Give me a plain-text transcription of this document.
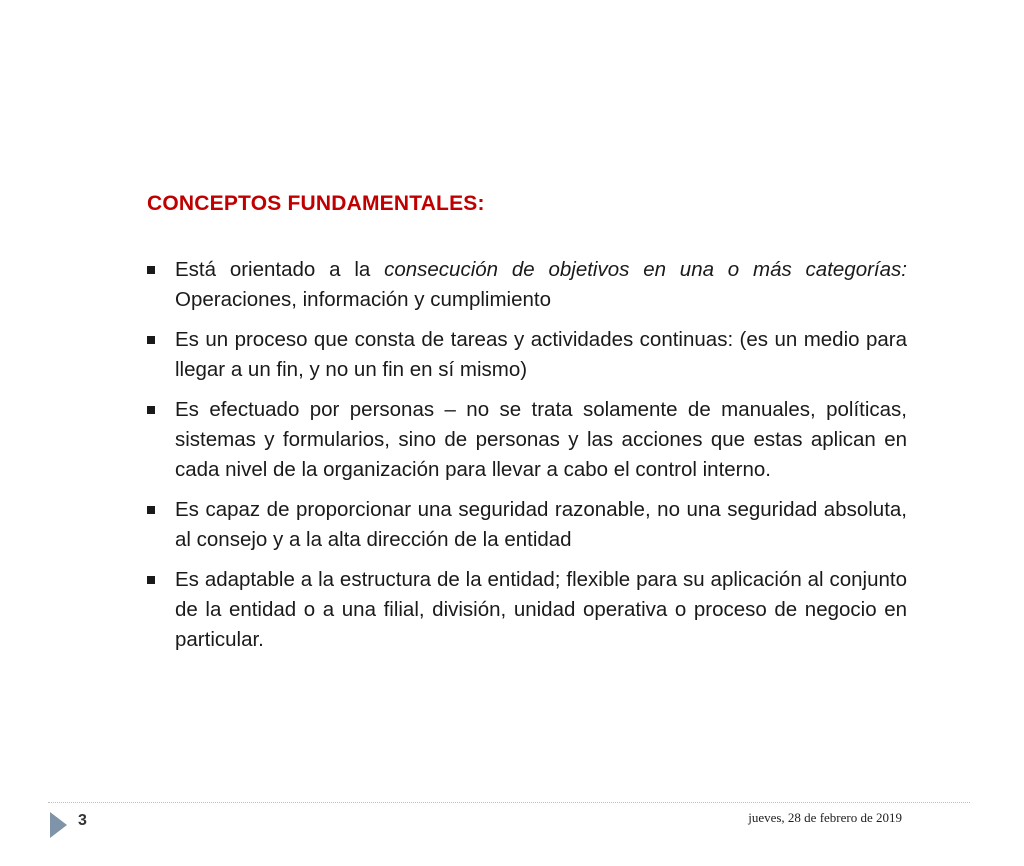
CONCEPTOS FUNDAMENTALES:
Está orientado a la consecución de objetivos en una o más categorías: Operaciones, información y cumplimiento
Es un proceso que consta de tareas y actividades continuas: (es un medio para llegar a un fin, y no un fin en sí mismo)
Es efectuado por personas – no se trata solamente de manuales, políticas, sistemas y formularios, sino de personas y las acciones que estas aplican en cada nivel de la organización para llevar a cabo el control interno.
Es capaz de proporcionar una seguridad razonable, no una seguridad absoluta, al consejo y a la alta dirección de la entidad
Es adaptable a la estructura de la entidad; flexible para su aplicación al conjunto de la entidad o a una filial, división, unidad operativa o proceso de negocio en particular.
3	jueves, 28 de febrero de 2019
